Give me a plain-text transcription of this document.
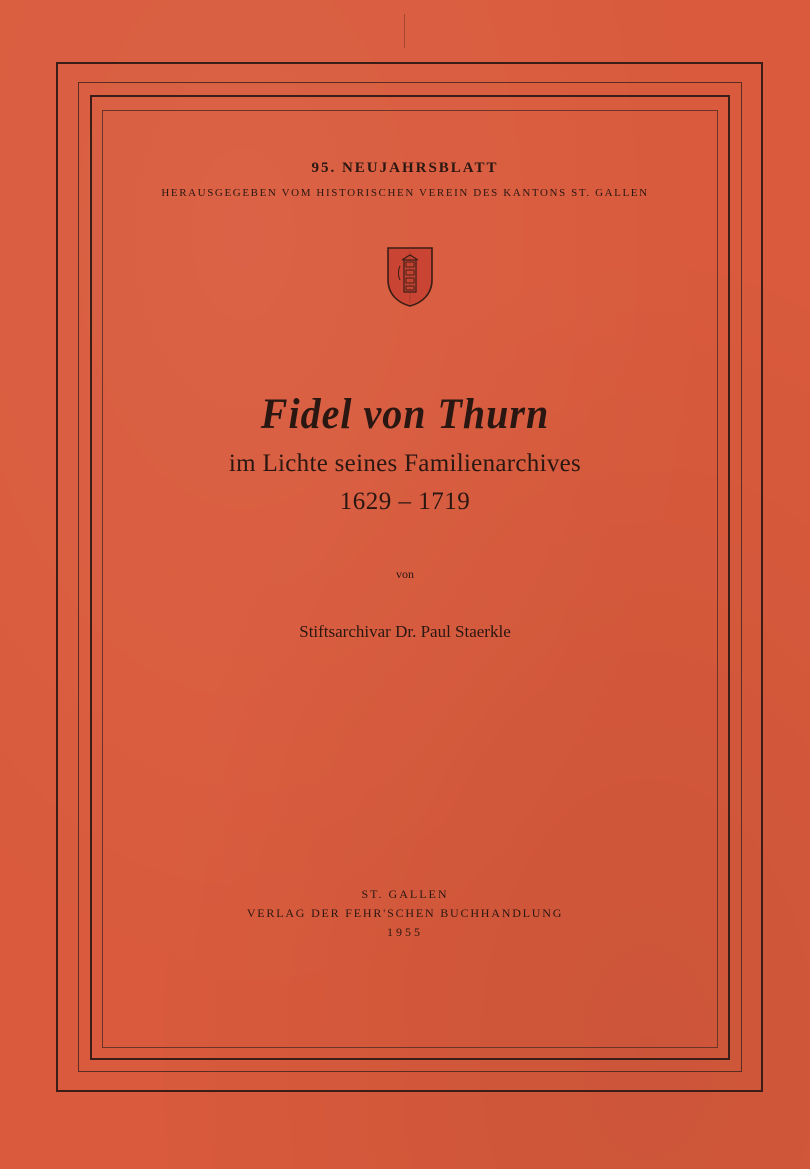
95. NEUJAHRSBLATT
HERAUSGEGEBEN VOM HISTORISCHEN VEREIN DES KANTONS ST. GALLEN
Fidel von Thurn
im Lichte seines Familienarchives
1629 – 1719
von
Stiftsarchivar Dr. Paul Staerkle
ST. GALLEN
VERLAG DER FEHR'SCHEN BUCHHANDLUNG
1955
